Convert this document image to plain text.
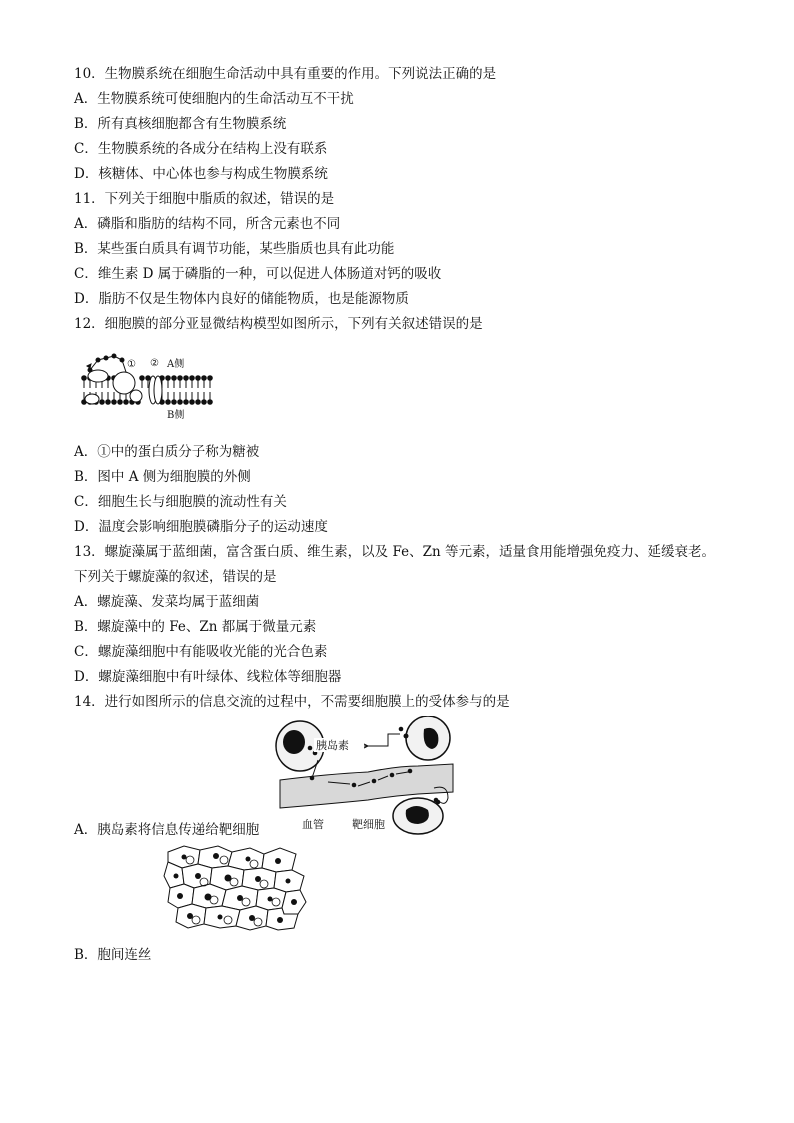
10．生物膜系统在细胞生命活动中具有重要的作用。下列说法正确的是
A．生物膜系统可使细胞内的生命活动互不干扰
B．所有真核细胞都含有生物膜系统
C．生物膜系统的各成分在结构上没有联系
D．核糖体、中心体也参与构成生物膜系统
11．下列关于细胞中脂质的叙述，错误的是
A．磷脂和脂肪的结构不同，所含元素也不同
B．某些蛋白质具有调节功能，某些脂质也具有此功能
C．维生素 D 属于磷脂的一种，可以促进人体肠道对钙的吸收
D．脂肪不仅是生物体内良好的储能物质，也是能源物质
12．细胞膜的部分亚显微结构模型如图所示，下列有关叙述错误的是
① ② A侧
B侧
A．①中的蛋白质分子称为糖被
B．图中 A 侧为细胞膜的外侧
C．细胞生长与细胞膜的流动性有关
D．温度会影响细胞膜磷脂分子的运动速度
13．螺旋藻属于蓝细菌，富含蛋白质、维生素，以及 Fe、Zn 等元素，适量食用能增强免疫力、延缓衰老。
下列关于螺旋藻的叙述，错误的是
A．螺旋藻、发菜均属于蓝细菌
B．螺旋藻中的 Fe、Zn 都属于微量元素
C．螺旋藻细胞中有能吸收光能的光合色素
D．螺旋藻细胞中有叶绿体、线粒体等细胞器
14．进行如图所示的信息交流的过程中，不需要细胞膜上的受体参与的是
胰岛素
血管	靶细胞
A．胰岛素将信息传递给靶细胞
B．胞间连丝
